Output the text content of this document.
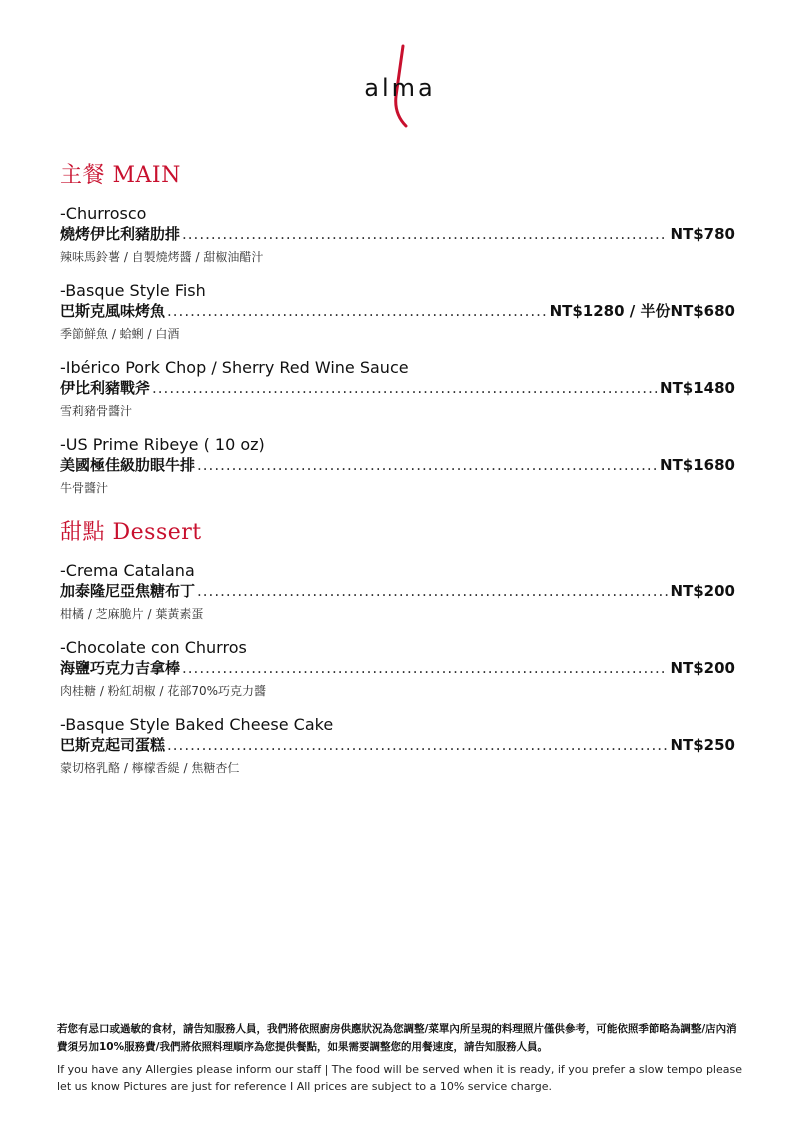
alma
主餐 MAIN
-Churrosco
燒烤伊比利豬肋排 .....	NT$780
辣味馬鈴薯 / 自製燒烤醬 / 甜椒油醋汁
-Basque Style Fish
巴斯克風味烤魚 .....	NT$1280 / 半份NT$680
季節鮮魚 / 蛤蜊 / 白酒
-Ibérico Pork Chop / Sherry Red Wine Sauce
伊比利豬戰斧 .....	NT$1480
雪莉豬骨醬汁
-US Prime Ribeye ( 10 oz)
美國極佳級肋眼牛排 .....	NT$1680
牛骨醬汁
甜點 Dessert
-Crema Catalana
加泰隆尼亞焦糖布丁 .....	NT$200
柑橘 / 芝麻脆片 / 葉黃素蛋
-Chocolate con Churros
海鹽巧克力吉拿棒 .....	NT$200
肉桂糖 / 粉紅胡椒 / 花部70%巧克力醬
-Basque Style Baked Cheese Cake
巴斯克起司蛋糕 .....	NT$250
蒙切格乳酪 / 檸檬香緹 / 焦糖杏仁
若您有忌口或過敏的食材，請告知服務人員，我們將依照廚房供應狀況為您調整/菜單內所呈現的料理照片僅供參考，可能依照季節略為調整/店內消費須另加10%服務費/我們將依照料理順序為您提供餐點，如果需要調整您的用餐速度，請告知服務人員。
If you have any Allergies please inform our staff | The food will be served when it is ready, if you prefer a slow tempo please let us know Pictures are just for reference I All prices are subject to a 10% service charge.
